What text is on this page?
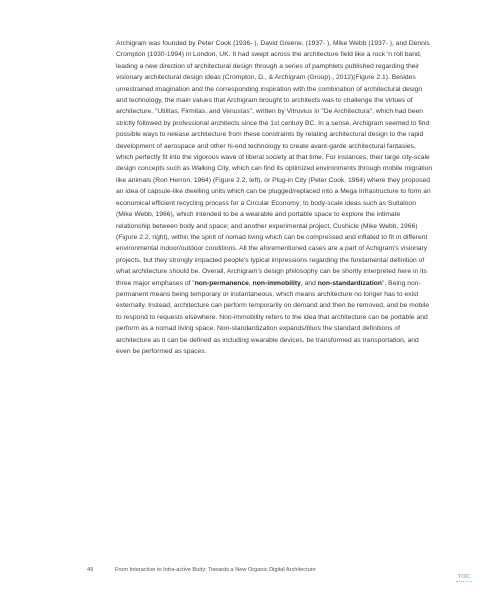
Archigram was founded by Peter Cook (1936- ), David Greene, (1937- ), Mike Webb (1937- ), and Dennis Crompton (1930-1994) in London, UK. It had swept across the architecture field like a rock 'n roll band, leading a new direction of architectural design through a series of pamphlets published regarding their visionary architectural design ideas (Crompton, D., & Archigram (Group)., 2012)(Figure 2.1). Besides unrestrained imagination and the corresponding inspiration with the combination of architectural design and technology, the main values that Archigram brought to architects was to challenge the virtues of architecture, "Utilitas, Firmitas, and Venustas", written by Vitruvius in "De Architectura", which had been strictly followed by professional architects since the 1st century BC. In a sense, Archigram seemed to find possible ways to release architecture from these constraints by relating architectural design to the rapid development of aerospace and other hi-end technology to create avant-garde architectural fantasies, which perfectly fit into the vigorous wave of liberal society at that time. For instances, their large city-scale design concepts such as Walking City, which can find its optimized environments through mobile migration like animals (Ron Herron, 1964) (Figure 2.2, left), or Plug-in City (Peter Cook, 1964) where they proposed an idea of capsule-like dwelling units which can be plugged/replaced into a Mega Infrastructure to form an economical efficient recycling process for a Circular Economy; to body-scale ideas such as Suitaloon (Mike Webb, 1966), which intended to be a wearable and portable space to explore the intimate relationship between body and space; and another experimental project, Cushicle (Mike Webb, 1966) (Figure 2.2, right), within the spirit of nomad living which can be compressed and inflated to fit in different environmental indoor/outdoor conditions. All the aforementioned cases are a part of Achigram's visionary projects, but they strongly impacted people's typical impressions regarding the fundamental definition of what architecture should be. Overall, Archigram's design philosophy can be shortly interpreted here in its three major emphases of "non-permanence, non-immobility, and non-standardization". Being non-permanent means being temporary or instantaneous, which means architecture no longer has to exist externally. Instead, architecture can perform temporarily on demand and then be removed, and be mobile to respond to requests elsewhere. Non-immobility refers to the idea that architecture can be portable and perform as a nomad living space. Non-standardization expands/blurs the standard definitions of architecture as it can be defined as including wearable devices, be transformed as transportation, and even be performed as spaces.

49	From Interactive to Intra-active Body: Towards a New Organic Digital Architecture
TOC
